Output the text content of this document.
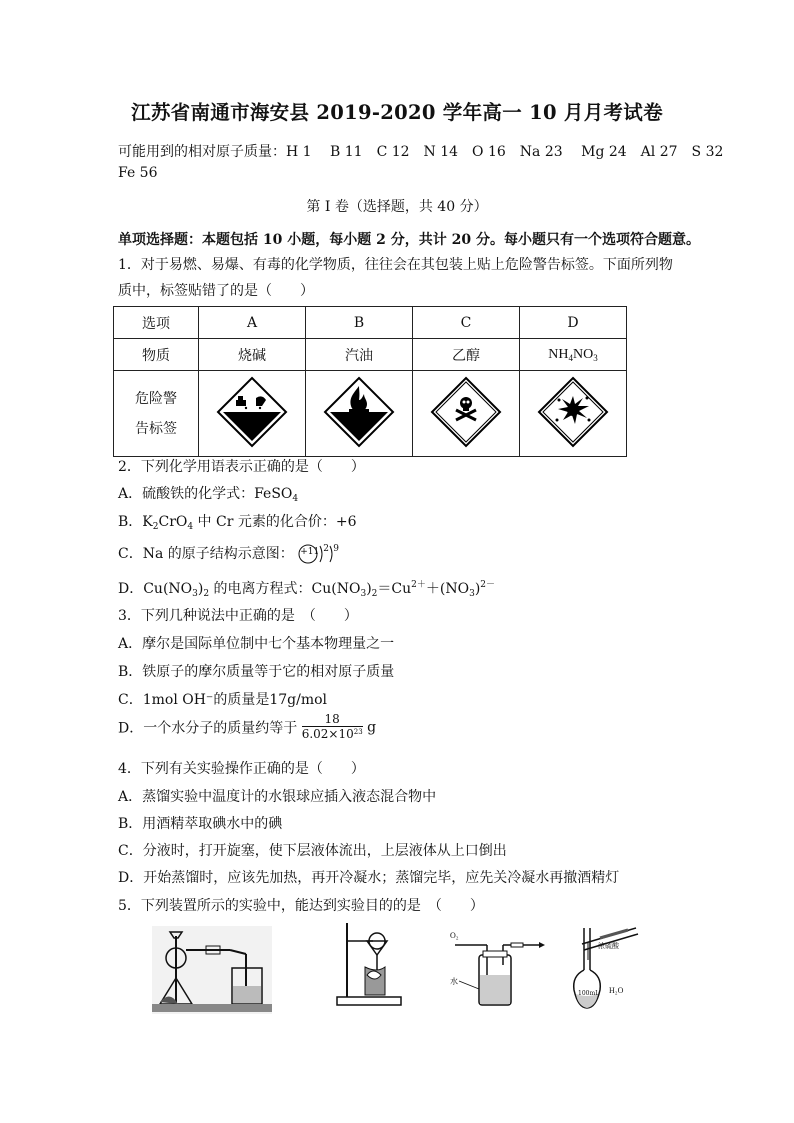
江苏省南通市海安县 2019-2020 学年高一 10 月月考试卷
可能用到的相对原子质量：H 1　 B 11　C 12　N 14　O 16　Na 23　 Mg 24　Al 27　S 32
Fe 56
第 I 卷（选择题，共 40 分）
单项选择题：本题包括 10 小题，每小题 2 分，共计 20 分。每小题只有一个选项符合题意。
1．对于易燃、易爆、有毒的化学物质，往往会在其包装上贴上危险警告标签。下面所列物
质中，标签贴错了的是（　　）
选项	A	B	C	D
物质	烧碱	汽油	乙醇	$NH_4NO_3$

危险警
告标签

2．下列化学用语表示正确的是（　　）
A．硫酸铁的化学式：FeSO$_4$
B．$K_2CrO_4$ 中 Cr 元素的化合价：+6
C．Na 的原子结构示意图： +11 2 9
D．$Cu(NO_3)_2$ 的电离方程式：$Cu(NO_3)_2=Cu^{2+}+(NO_3)^{2-}$
3．下列几种说法中正确的是　（　　）
A．摩尔是国际单位制中七个基本物理量之一
B．铁原子的摩尔质量等于它的相对原子质量
C．1mol OH⁻的质量是17g/mol
D．一个水分子的质量约等于 $\frac{18}{6.02\times 10^{23}}$ g
4．下列有关实验操作正确的是（　　）
A．蒸馏实验中温度计的水银球应插入液态混合物中
B．用酒精萃取碘水中的碘
C．分液时，打开旋塞，使下层液体流出，上层液体从上口倒出
D．开始蒸馏时，应该先加热，再开冷凝水；蒸馏完毕，应先关冷凝水再撤酒精灯
5．下列装置所示的实验中，能达到实验目的的是　（　　）
O₂
水
浓硫酸
100mL H₂O
